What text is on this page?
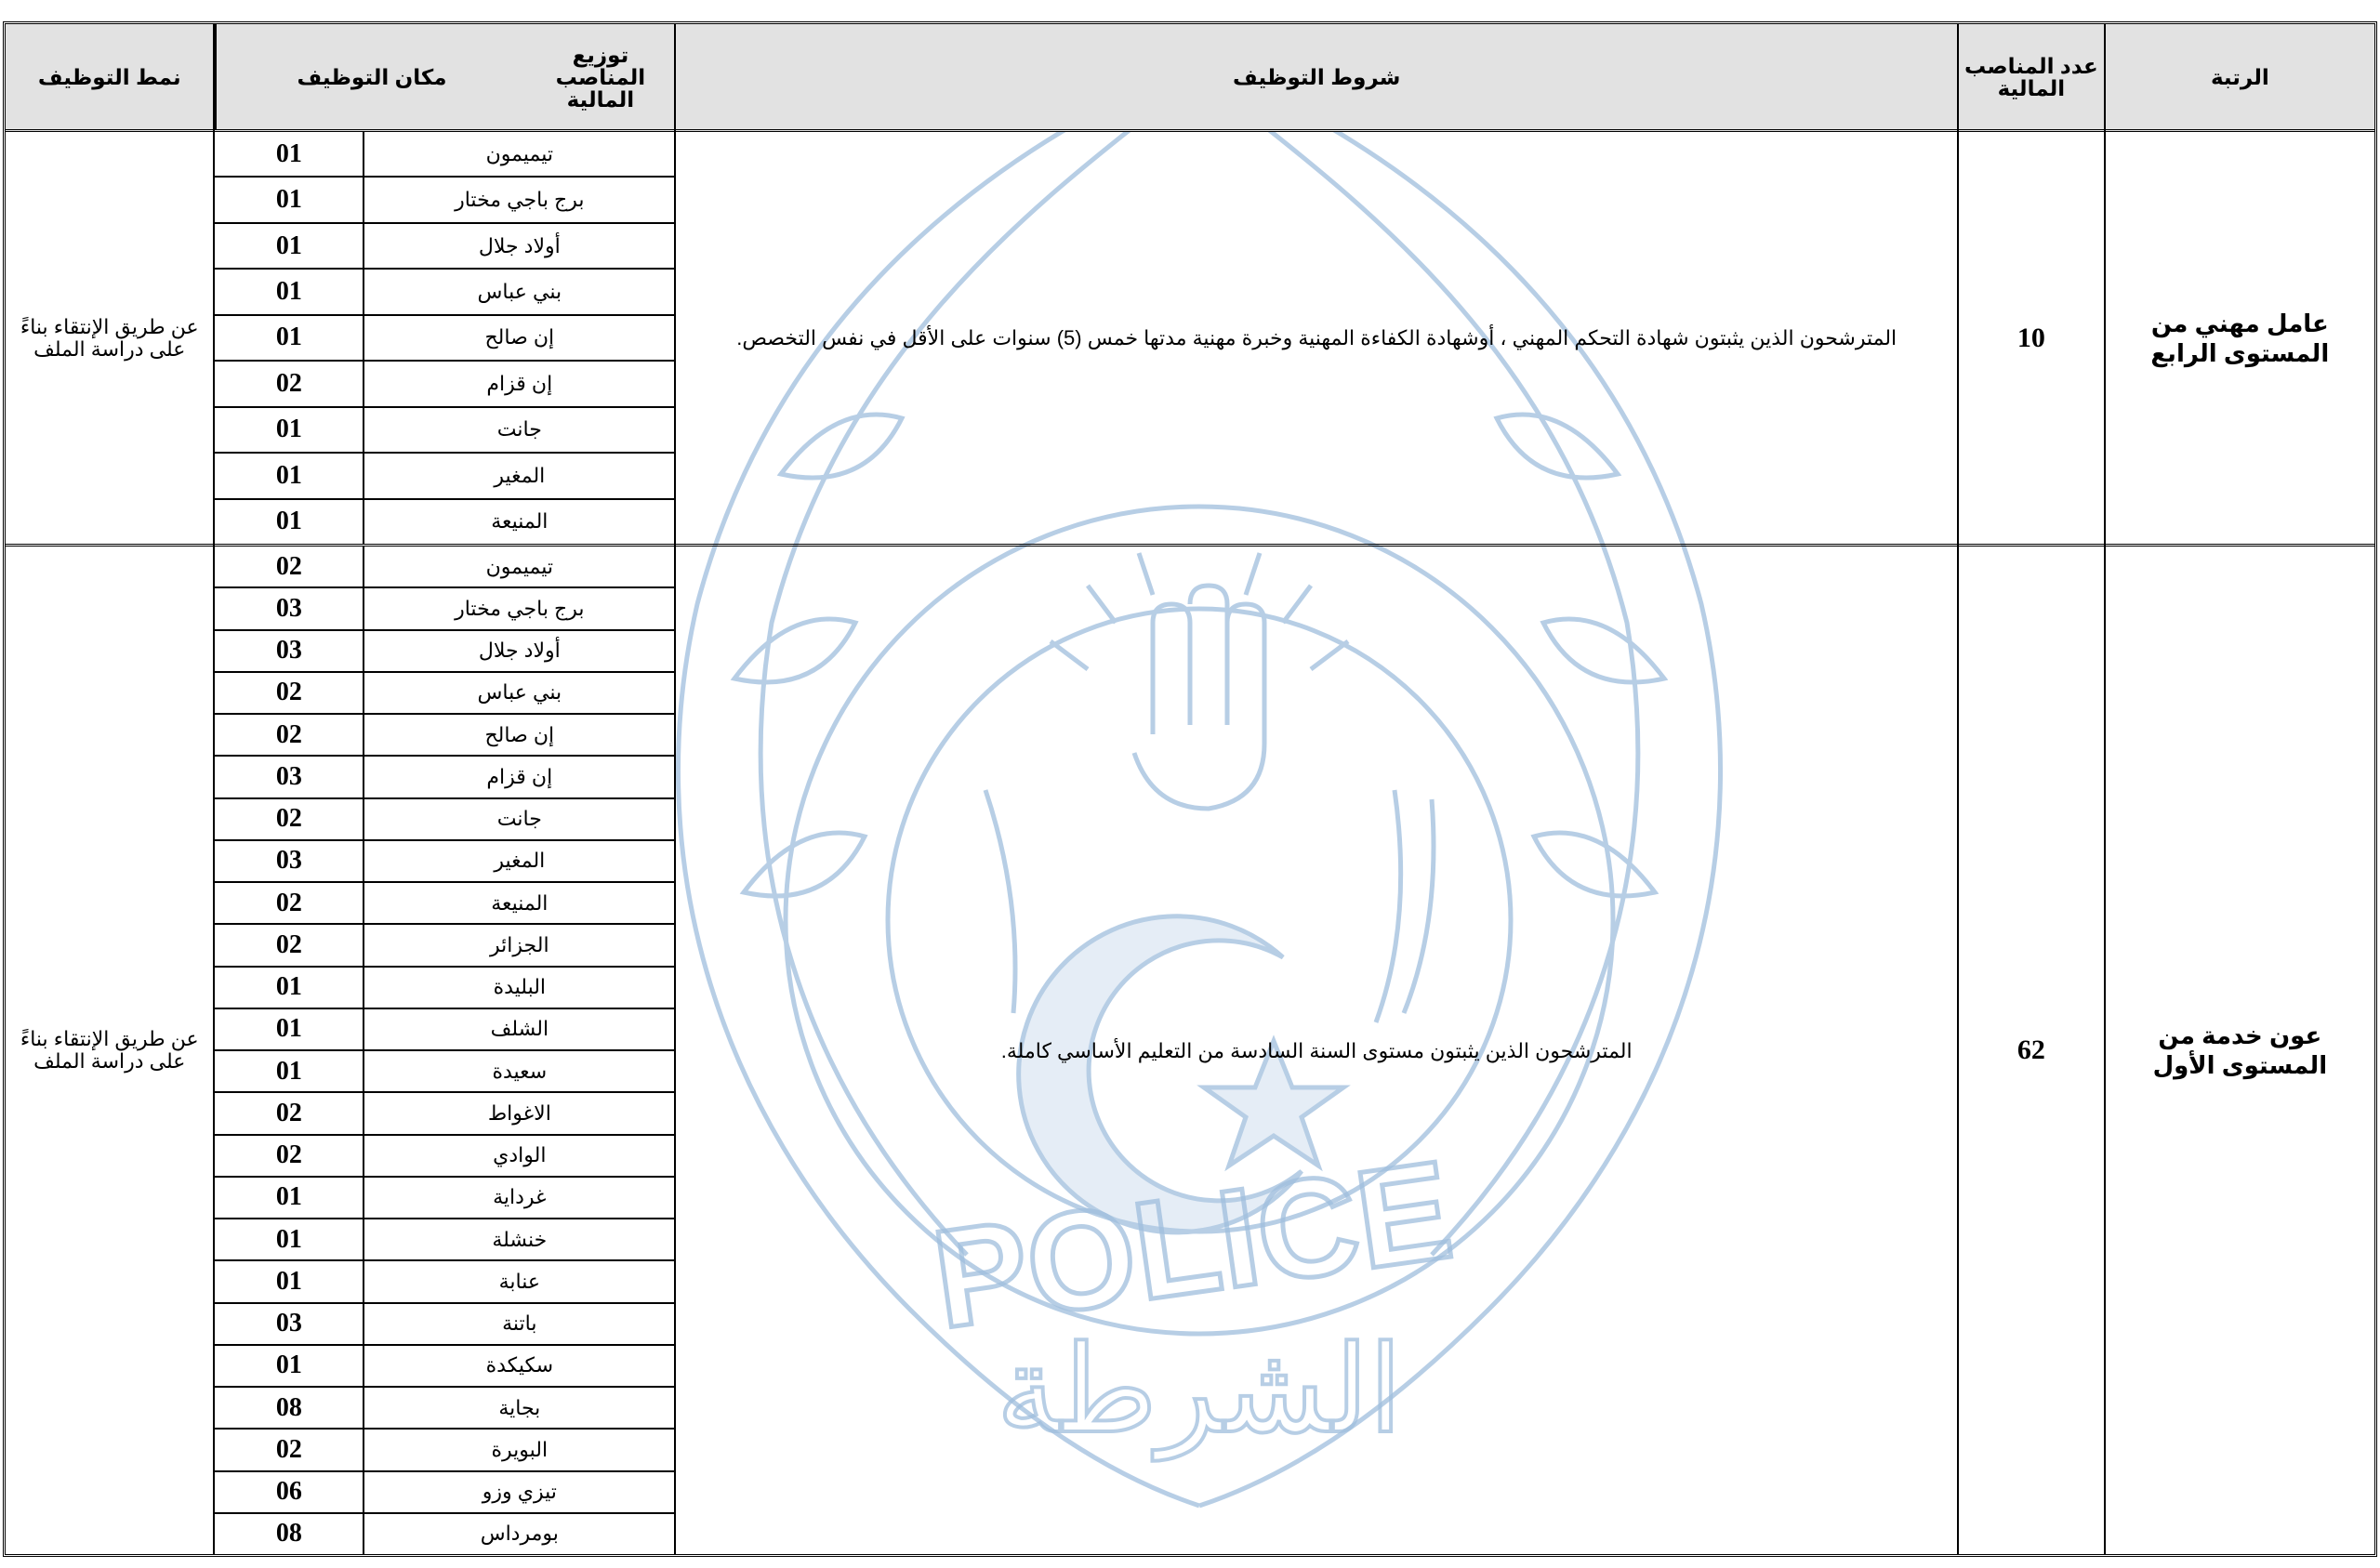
POLICE
الشرطة
الرتبة
عامل مهني من المستوى الرابع
عون خدمة من المستوى الأول
عدد المناصب المالية
10
62
شروط التوظيف
المترشحون الذين يثبتون شهادة التحكم المهني ، أوشهادة الكفاءة المهنية وخبرة مهنية مدتها خمس (5) سنوات على الأقل في نفس التخصص.
المترشحون الذين يثبتون مستوى السنة السادسة من التعليم الأساسي كاملة.
مكان التوظيف
توزيع المناصب المالية
تيميمون
01
برج باجي مختار
01
أولاد جلال
01
بني عباس
01
إن صالح
01
إن قزام
02
جانت
01
المغير
01
المنيعة
01
تيميمون
02
برج باجي مختار
03
أولاد جلال
03
بني عباس
02
إن صالح
02
إن قزام
03
جانت
02
المغير
03
المنيعة
02
الجزائر
02
البليدة
01
الشلف
01
سعيدة
01
الاغواط
02
الوادي
02
غرداية
01
خنشلة
01
عنابة
01
باتنة
03
سكيكدة
01
بجاية
08
البويرة
02
تيزي وزو
06
بومرداس
08
نمط التوظيف
عن طريق الإنتقاء بناءً على دراسة الملف
عن طريق الإنتقاء بناءً على دراسة الملف
